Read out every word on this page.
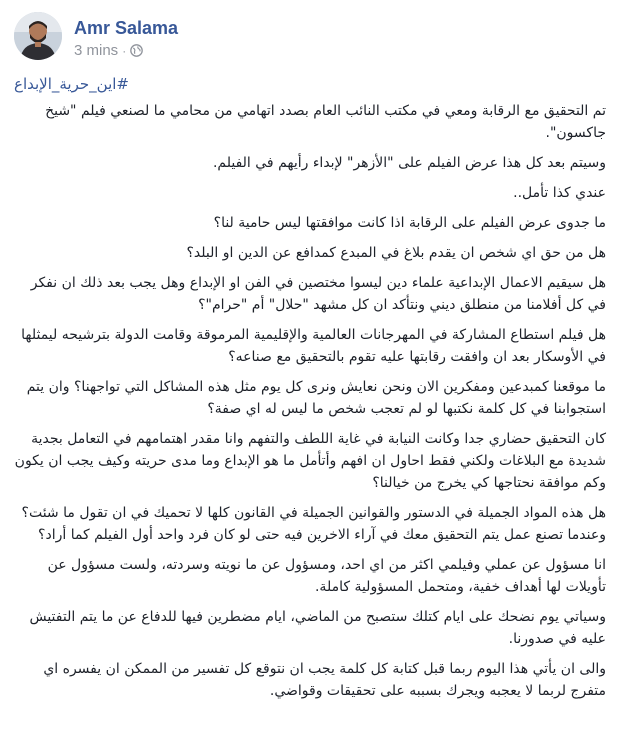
Amr Salama
3 mins ·
#اين_حرية_الإبداع

تم التحقيق مع الرقابة ومعي في مكتب النائب العام بصدد اتهامي من محامي ما لصنعي فيلم "شيخ جاكسون".

وسيتم بعد كل هذا عرض الفيلم على "الأزهر" لإبداء رأيهم في الفيلم.

عندي كذا تأمل..

ما جدوى عرض الفيلم على الرقابة اذا كانت موافقتها ليس حامية لنا؟

هل من حق اي شخص ان يقدم بلاغ في المبدع كمدافع عن الدين او البلد؟

هل سيقيم الاعمال الإبداعية علماء دين ليسوا مختصين في الفن او الإبداع وهل يجب بعد ذلك ان نفكر في كل أفلامنا من منطلق ديني ونتأكد ان كل مشهد "حلال" أم "حرام"؟

هل فيلم استطاع المشاركة في المهرجانات العالمية والإقليمية المرموقة وقامت الدولة بترشيحه ليمثلها في الأوسكار بعد ان وافقت رقابتها عليه تقوم بالتحقيق مع صناعه؟

ما موقعنا كمبدعين ومفكرين الان ونحن نعايش ونرى كل يوم مثل هذه المشاكل التي تواجهنا؟ وان يتم استجوابنا في كل كلمة نكتبها لو لم تعجب شخص ما ليس له اي صفة؟

كان التحقيق حضاري جدا وكانت النيابة في غاية اللطف والتفهم وانا مقدر اهتمامهم في التعامل بجدية شديدة مع البلاغات ولكني فقط احاول ان افهم وأتأمل ما هو الإبداع وما مدى حريته وكيف يجب ان يكون وكم موافقة نحتاجها كي يخرج من خيالنا؟

هل هذه المواد الجميلة في الدستور والقوانين الجميلة في القانون كلها لا تحميك في ان تقول ما شئت؟ وعندما تصنع عمل يتم التحقيق معك في آراء الاخرين فيه حتى لو كان فرد واحد أول الفيلم كما أراد؟

انا مسؤول عن عملي وفيلمي اكثر من اي احد، ومسؤول عن ما نويته وسردته، ولست مسؤول عن تأويلات لها أهداف خفية، ومتحمل المسؤولية كاملة.

وسياتي يوم نضحك على ايام كتلك ستصبح من الماضي، ايام مضطرين فيها للدفاع عن ما يتم التفتيش عليه في صدورنا.

والى ان يأتي هذا اليوم ربما قبل كتابة كل كلمة يجب ان نتوقع كل تفسير من الممكن ان يفسره اي متفرج لربما لا يعجبه ويجرك بسببه على تحقيقات وقواضي.
